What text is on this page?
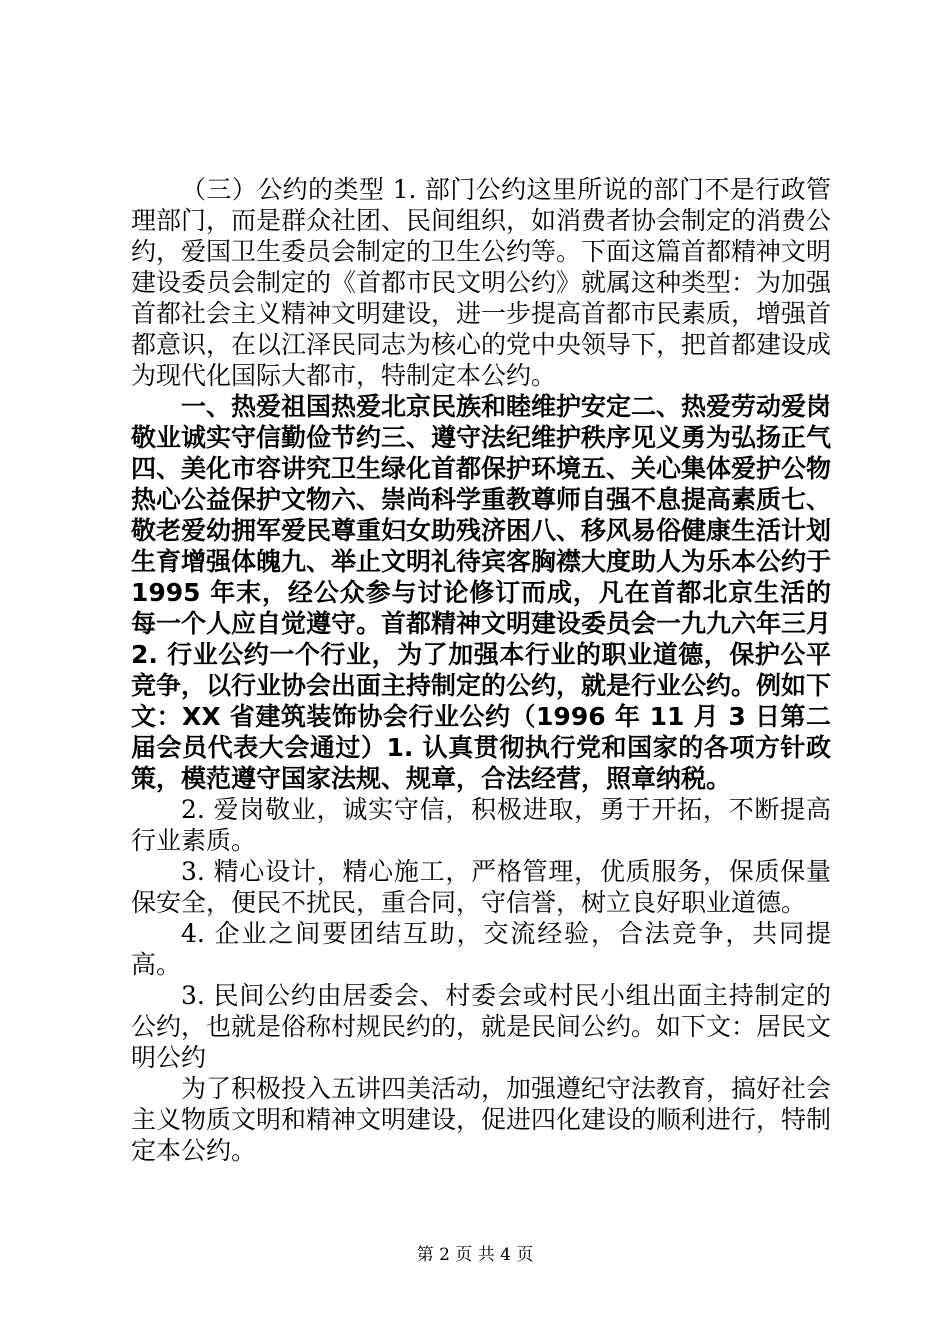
（三）公约的类型 1. 部门公约这里所说的部门不是行政管理部门，而是群众社团、民间组织，如消费者协会制定的消费公约，爱国卫生委员会制定的卫生公约等。下面这篇首都精神文明建设委员会制定的《首都市民文明公约》就属这种类型：为加强首都社会主义精神文明建设，进一步提高首都市民素质，增强首都意识，在以江泽民同志为核心的党中央领导下，把首都建设成为现代化国际大都市，特制定本公约。

一、热爱祖国热爱北京民族和睦维护安定二、热爱劳动爱岗敬业诚实守信勤俭节约三、遵守法纪维护秩序见义勇为弘扬正气四、美化市容讲究卫生绿化首都保护环境五、关心集体爱护公物热心公益保护文物六、崇尚科学重教尊师自强不息提高素质七、敬老爱幼拥军爱民尊重妇女助残济困八、移风易俗健康生活计划生育增强体魄九、举止文明礼待宾客胸襟大度助人为乐本公约于 1995 年末，经公众参与讨论修订而成，凡在首都北京生活的每一个人应自觉遵守。首都精神文明建设委员会一九九六年三月 2. 行业公约一个行业，为了加强本行业的职业道德，保护公平竞争，以行业协会出面主持制定的公约，就是行业公约。例如下文：XX 省建筑装饰协会行业公约（1996 年 11 月 3 日第二届会员代表大会通过）1. 认真贯彻执行党和国家的各项方针政策，模范遵守国家法规、规章，合法经营，照章纳税。

2. 爱岗敬业，诚实守信，积极进取，勇于开拓，不断提高行业素质。

3. 精心设计，精心施工，严格管理，优质服务，保质保量保安全，便民不扰民，重合同，守信誉，树立良好职业道德。

4. 企业之间要团结互助，交流经验，合法竞争，共同提高。

3. 民间公约由居委会、村委会或村民小组出面主持制定的公约，也就是俗称村规民约的，就是民间公约。如下文：居民文明公约

为了积极投入五讲四美活动，加强遵纪守法教育，搞好社会主义物质文明和精神文明建设，促进四化建设的顺利进行，特制定本公约。

第 2 页 共 4 页
